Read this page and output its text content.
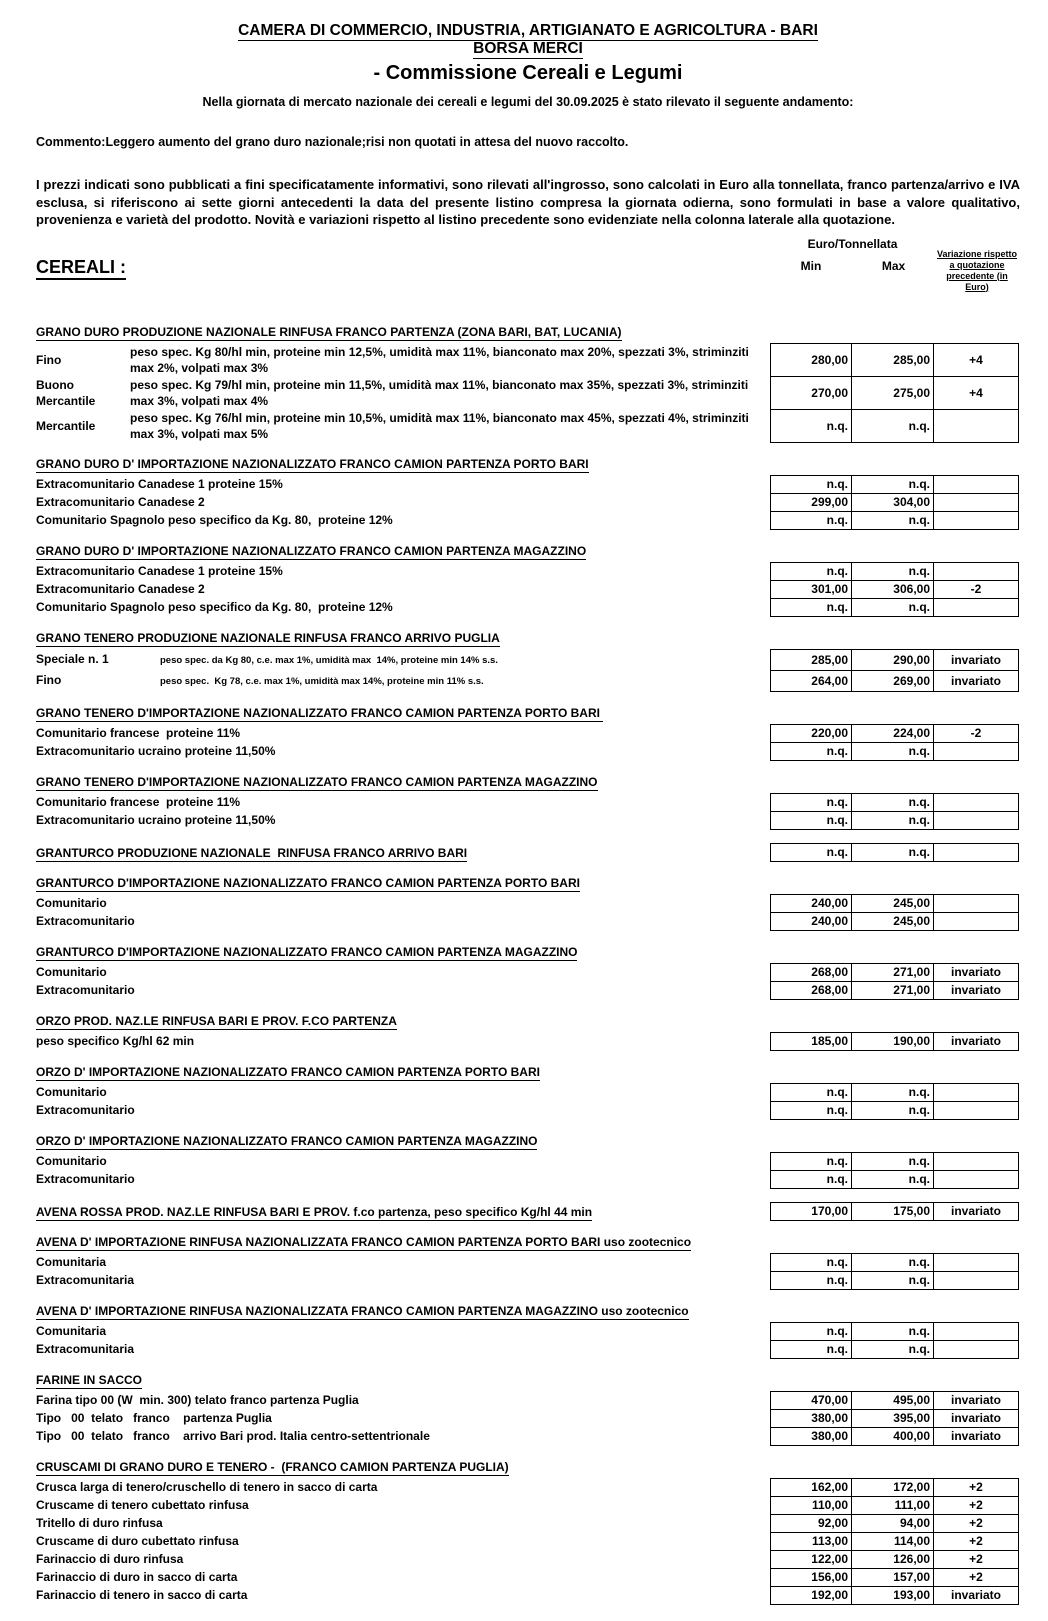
CAMERA DI COMMERCIO, INDUSTRIA, ARTIGIANATO E AGRICOLTURA - BARI
BORSA MERCI
- Commissione Cereali e Legumi
Nella giornata di mercato nazionale dei cereali e legumi del 30.09.2025 è stato rilevato il seguente andamento:
Commento:Leggero aumento del grano duro nazionale;risi non quotati in attesa del nuovo raccolto.
I prezzi indicati sono pubblicati a fini specificatamente informativi, sono rilevati all'ingrosso, sono calcolati in Euro alla tonnellata, franco partenza/arrivo e IVA esclusa, si riferiscono ai sette giorni antecedenti la data del presente listino compresa la giornata odierna, sono formulati in base a valore qualitativo, provenienza e varietà del prodotto. Novità e variazioni rispetto al listino precedente sono evidenziate nella colonna laterale alla quotazione.
CEREALI :
Euro/Tonnellata
Min	Max
Variazione rispetto a quotazione precedente (in Euro)
GRANO DURO PRODUZIONE NAZIONALE RINFUSA FRANCO PARTENZA (ZONA BARI, BAT, LUCANIA)
Fino
peso spec. Kg 80/hl min, proteine min 12,5%, umidità max 11%, bianconato max 20%, spezzati 3%, striminziti max 2%, volpati max 3%
280,00	285,00	+4
Buono Mercantile
peso spec. Kg 79/hl min, proteine min 11,5%, umidità max 11%, bianconato max 35%, spezzati 3%, striminziti max 3%, volpati max 4%
270,00	275,00	+4
Mercantile
peso spec. Kg 76/hl min, proteine min 10,5%, umidità max 11%, bianconato max 45%, spezzati 4%, striminziti max 3%, volpati max 5%
n.q.	n.q.
GRANO DURO D' IMPORTAZIONE NAZIONALIZZATO FRANCO CAMION PARTENZA PORTO BARI
Extracomunitario Canadese 1 proteine 15%	n.q.	n.q.
Extracomunitario Canadese 2	299,00	304,00
Comunitario Spagnolo peso specifico da Kg. 80,  proteine 12%	n.q.	n.q.
GRANO DURO D' IMPORTAZIONE NAZIONALIZZATO FRANCO CAMION PARTENZA MAGAZZINO
Extracomunitario Canadese 1 proteine 15%	n.q.	n.q.
Extracomunitario Canadese 2	301,00	306,00	-2
Comunitario Spagnolo peso specifico da Kg. 80,  proteine 12%	n.q.	n.q.
GRANO TENERO PRODUZIONE NAZIONALE RINFUSA FRANCO ARRIVO PUGLIA
Speciale n. 1	peso spec. da Kg 80, c.e. max 1%, umidità max  14%, proteine min 14% s.s.	285,00	290,00	invariato
Fino	peso spec.  Kg 78, c.e. max 1%, umidità max 14%, proteine min 11% s.s.	264,00	269,00	invariato
GRANO TENERO D'IMPORTAZIONE NAZIONALIZZATO FRANCO CAMION PARTENZA PORTO BARI
Comunitario francese  proteine 11%	220,00	224,00	-2
Extracomunitario ucraino proteine 11,50%	n.q.	n.q.
GRANO TENERO D'IMPORTAZIONE NAZIONALIZZATO FRANCO CAMION PARTENZA MAGAZZINO
Comunitario francese  proteine 11%	n.q.	n.q.
Extracomunitario ucraino proteine 11,50%	n.q.	n.q.
GRANTURCO PRODUZIONE NAZIONALE  RINFUSA FRANCO ARRIVO BARI	n.q.	n.q.
GRANTURCO D'IMPORTAZIONE NAZIONALIZZATO FRANCO CAMION PARTENZA PORTO BARI
Comunitario	240,00	245,00
Extracomunitario	240,00	245,00
GRANTURCO D'IMPORTAZIONE NAZIONALIZZATO FRANCO CAMION PARTENZA MAGAZZINO
Comunitario	268,00	271,00	invariato
Extracomunitario	268,00	271,00	invariato
ORZO PROD. NAZ.LE RINFUSA BARI E PROV. F.CO PARTENZA
peso specifico Kg/hl 62 min	185,00	190,00	invariato
ORZO D' IMPORTAZIONE NAZIONALIZZATO FRANCO CAMION PARTENZA PORTO BARI
Comunitario	n.q.	n.q.
Extracomunitario	n.q.	n.q.
ORZO D' IMPORTAZIONE NAZIONALIZZATO FRANCO CAMION PARTENZA MAGAZZINO
Comunitario	n.q.	n.q.
Extracomunitario	n.q.	n.q.
AVENA ROSSA PROD. NAZ.LE RINFUSA BARI E PROV. f.co partenza, peso specifico Kg/hl 44 min	170,00	175,00	invariato
AVENA D' IMPORTAZIONE RINFUSA NAZIONALIZZATA FRANCO CAMION PARTENZA PORTO BARI uso zootecnico
Comunitaria	n.q.	n.q.
Extracomunitaria	n.q.	n.q.
AVENA D' IMPORTAZIONE RINFUSA NAZIONALIZZATA FRANCO CAMION PARTENZA MAGAZZINO uso zootecnico
Comunitaria	n.q.	n.q.
Extracomunitaria	n.q.	n.q.
FARINE IN SACCO
Farina tipo 00 (W  min. 300) telato franco partenza Puglia	470,00	495,00	invariato
Tipo   00  telato   franco    partenza Puglia	380,00	395,00	invariato
Tipo   00  telato   franco    arrivo Bari prod. Italia centro-settentrionale	380,00	400,00	invariato
CRUSCAMI DI GRANO DURO E TENERO -  (FRANCO CAMION PARTENZA PUGLIA)
Crusca larga di tenero/cruschello di tenero in sacco di carta	162,00	172,00	+2
Cruscame di tenero cubettato rinfusa	110,00	111,00	+2
Tritello di duro rinfusa	92,00	94,00	+2
Cruscame di duro cubettato rinfusa	113,00	114,00	+2
Farinaccio di duro rinfusa	122,00	126,00	+2
Farinaccio di duro in sacco di carta	156,00	157,00	+2
Farinaccio di tenero in sacco di carta	192,00	193,00	invariato
